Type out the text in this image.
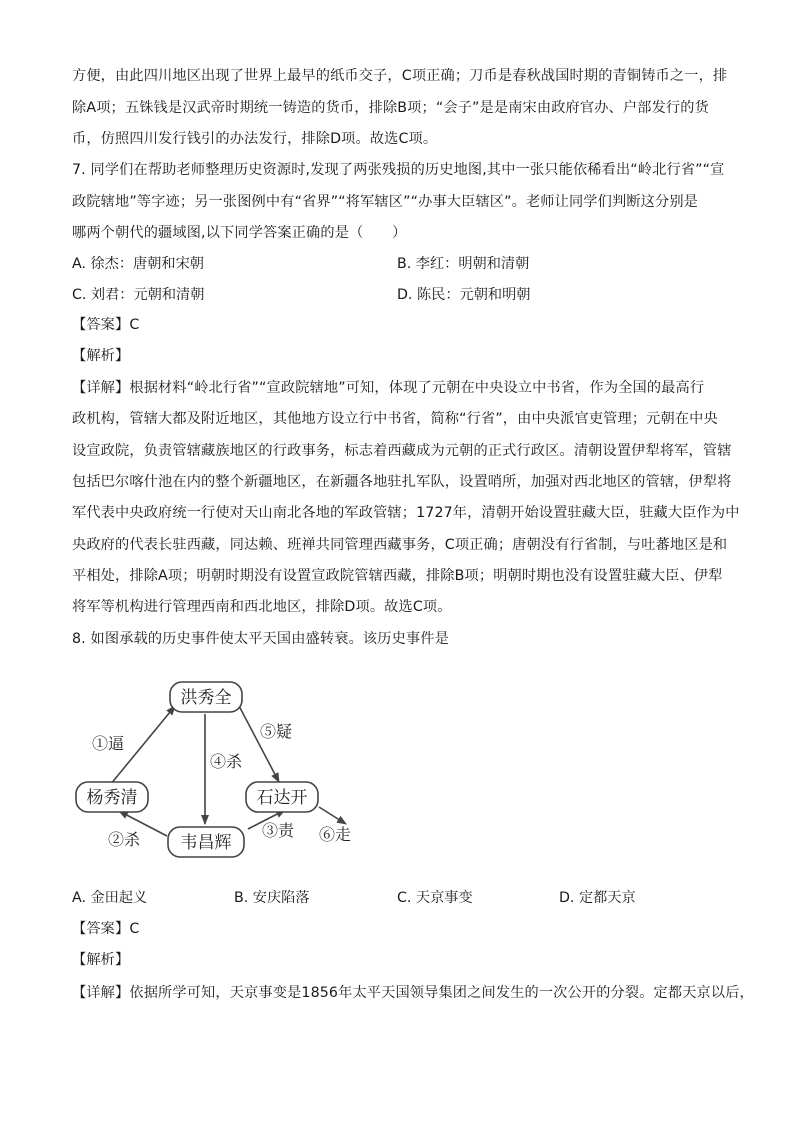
方便，由此四川地区出现了世界上最早的纸币交子，C项正确；刀币是春秋战国时期的青铜铸币之一，排
除A项；五铢钱是汉武帝时期统一铸造的货币，排除B项；“会子”是是南宋由政府官办、户部发行的货
币，仿照四川发行钱引的办法发行，排除D项。故选C项。
7. 同学们在帮助老师整理历史资源时,发现了两张残损的历史地图,其中一张只能依稀看出“岭北行省”“宣
政院辖地”等字迹；另一张图例中有“省界”“将军辖区”“办事大臣辖区”。老师让同学们判断这分别是
哪两个朝代的疆域图,以下同学答案正确的是（　　）
A. 徐杰：唐朝和宋朝	B. 李红：明朝和清朝
C. 刘君：元朝和清朝	D. 陈民：元朝和明朝
【答案】C
【解析】
【详解】根据材料“岭北行省”“宣政院辖地”可知，体现了元朝在中央设立中书省，作为全国的最高行
政机构，管辖大都及附近地区，其他地方设立行中书省，简称“行省”，由中央派官吏管理；元朝在中央
设宣政院，负责管辖藏族地区的行政事务，标志着西藏成为元朝的正式行政区。清朝设置伊犁将军，管辖
包括巴尔喀什池在内的整个新疆地区，在新疆各地驻扎军队，设置哨所，加强对西北地区的管辖，伊犁将
军代表中央政府统一行使对天山南北各地的军政管辖；1727年，清朝开始设置驻藏大臣，驻藏大臣作为中
央政府的代表长驻西藏，同达赖、班禅共同管理西藏事务，C项正确；唐朝没有行省制，与吐蕃地区是和
平相处，排除A项；明朝时期没有设置宣政院管辖西藏，排除B项；明朝时期也没有设置驻藏大臣、伊犁
将军等机构进行管理西南和西北地区，排除D项。故选C项。
8. 如图承载的历史事件使太平天国由盛转衰。该历史事件是
洪秀全
杨秀清
韦昌辉
石达开
①逼
②杀	③责
④杀
⑤疑
⑥走
A. 金田起义	B. 安庆陷落	C. 天京事变	D. 定都天京
【答案】C
【解析】
【详解】依据所学可知，天京事变是1856年太平天国领导集团之间发生的一次公开的分裂。定都天京以后，
